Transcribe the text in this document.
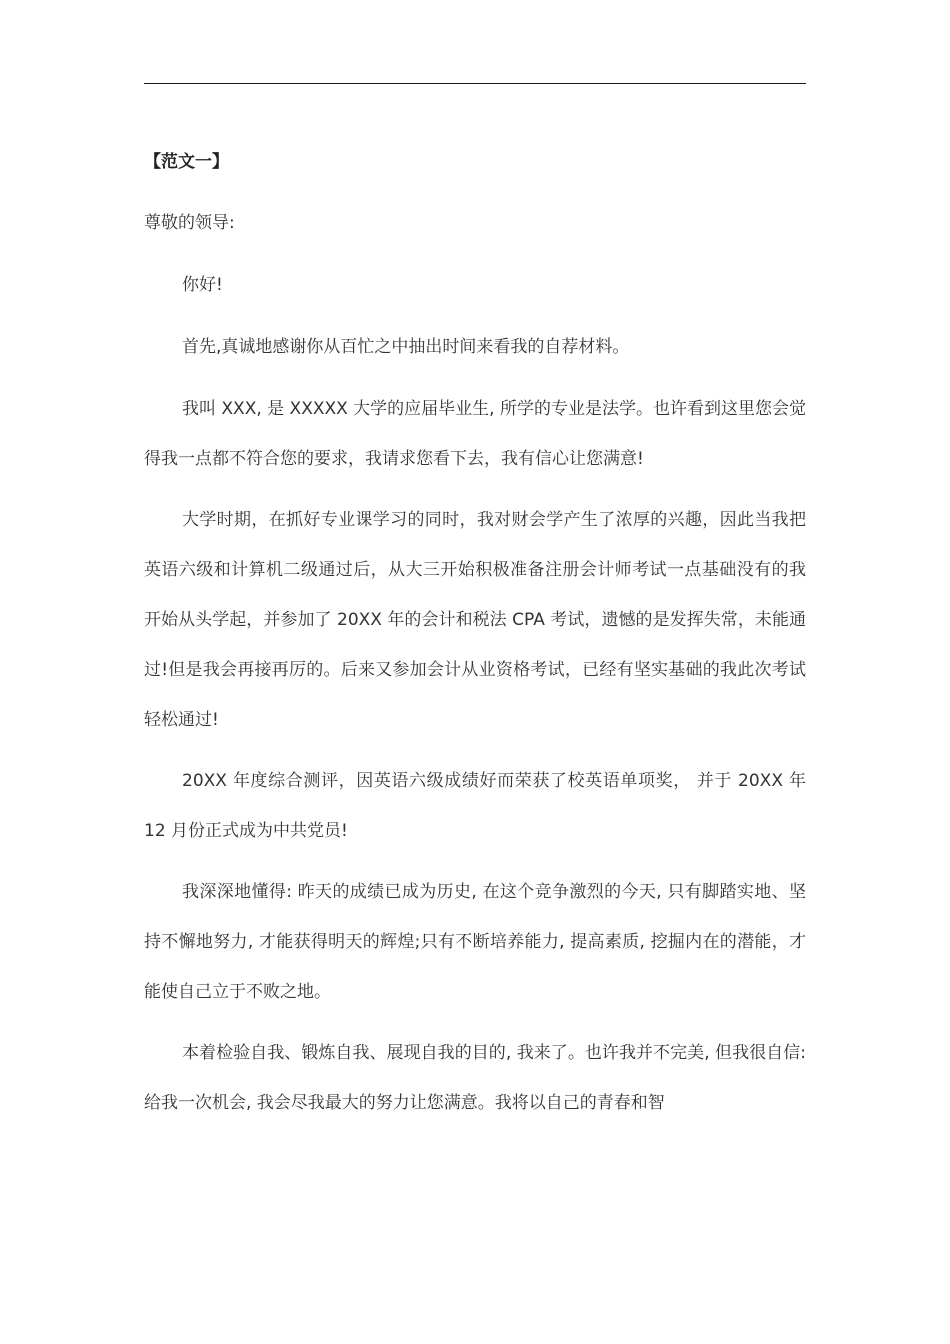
【范文一】
尊敬的领导:
你好!
首先,真诚地感谢你从百忙之中抽出时间来看我的自荐材料。
我叫 XXX, 是 XXXXX 大学的应届毕业生, 所学的专业是法学。也许看到这里您会觉得我一点都不符合您的要求，我请求您看下去，我有信心让您满意!
大学时期，在抓好专业课学习的同时，我对财会学产生了浓厚的兴趣，因此当我把英语六级和计算机二级通过后，从大三开始积极准备注册会计师考试一点基础没有的我开始从头学起，并参加了 20XX 年的会计和税法 CPA 考试，遗憾的是发挥失常，未能通过!但是我会再接再厉的。后来又参加会计从业资格考试，已经有坚实基础的我此次考试轻松通过!
20XX 年度综合测评，因英语六级成绩好而荣获了校英语单项奖， 并于 20XX 年 12 月份正式成为中共党员!
我深深地懂得: 昨天的成绩已成为历史, 在这个竞争激烈的今天, 只有脚踏实地、坚持不懈地努力, 才能获得明天的辉煌;只有不断培养能力, 提高素质, 挖掘内在的潜能，才能使自己立于不败之地。
本着检验自我、锻炼自我、展现自我的目的, 我来了。也许我并不完美, 但我很自信: 给我一次机会, 我会尽我最大的努力让您满意。我将以自己的青春和智
